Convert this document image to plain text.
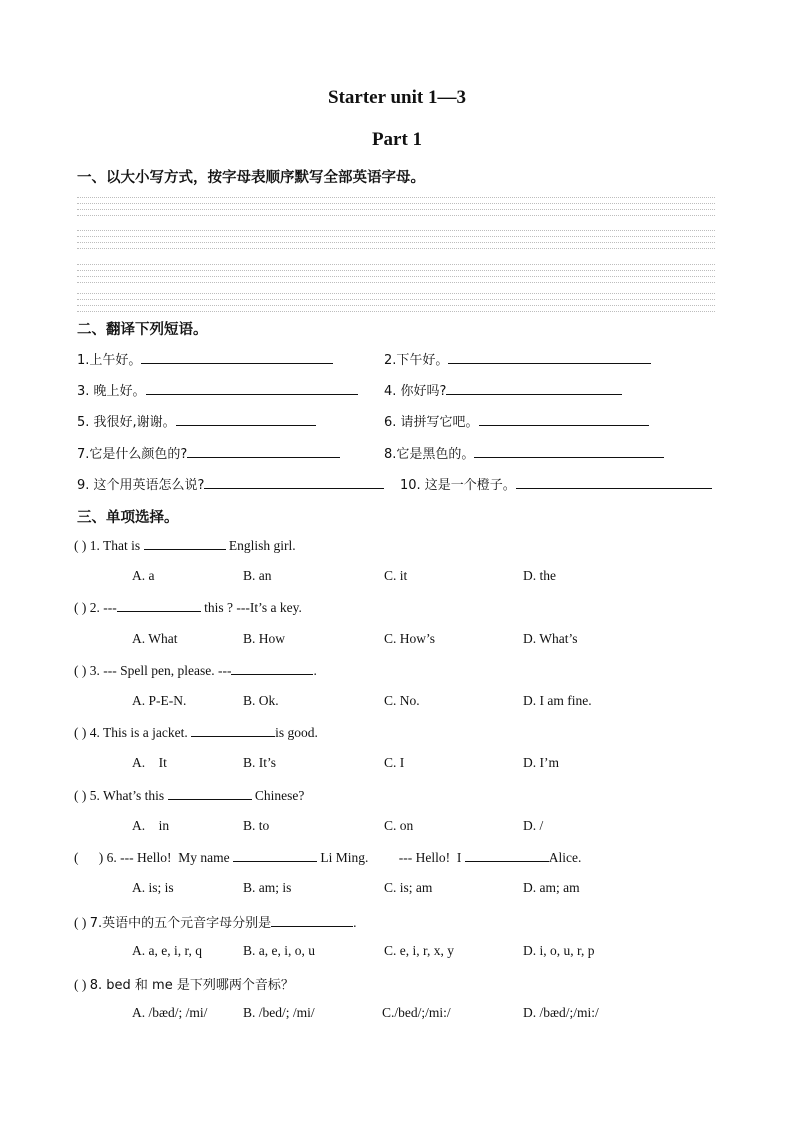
Starter unit 1—3
Part 1
一、以大小写方式，按字母表顺序默写全部英语字母。
二、翻译下列短语。
1.上午好。	2.下午好。
3. 晚上好。	4. 你好吗?
5. 我很好,谢谢。	6. 请拼写它吧。
7.它是什么颜色的?	8.它是黑色的。
9. 这个用英语怎么说?	10. 这是一个橙子。
三、单项选择。
( ) 1. That is	English girl.
A. a	B. an	C. it	D. the
( ) 2. ---	this ? ---It’s a key.
A. What	B. How	C. How’s	D. What’s
( ) 3. --- Spell pen, please. ---	.
A. P-E-N.	B. Ok.	C. No.	D. I am fine.
( ) 4. This is a jacket.	is good.
A.    It	B. It’s	C. I	D. I’m
( ) 5. What’s this	Chinese?
A.    in	B. to	C. on	D. /
(      ) 6. --- Hello!  My name	Li Ming.         --- Hello!  I	Alice.
A. is; is	B. am; is	C. is; am	D. am; am
( ) 7.英语中的五个元音字母分别是	.
A. a, e, i, r, q	B. a, e, i, o, u	C. e, i, r, x, y	D. i, o, u, r, p
( ) 8. bed 和 me 是下列哪两个音标？
A. /bæd/; /mi/	B. /bed/; /mi/	C./bed/;/mi:/	D. /bæd/;/mi:/
